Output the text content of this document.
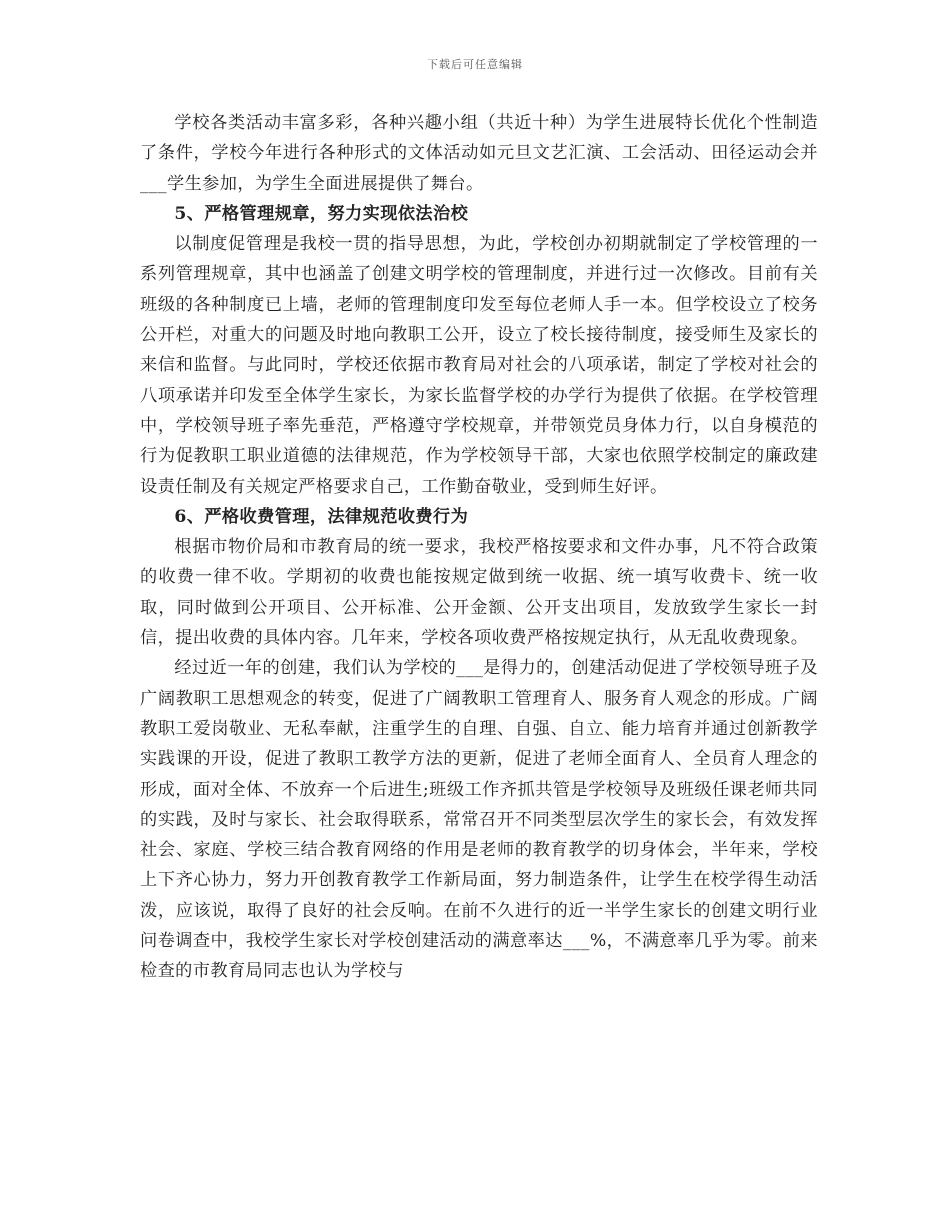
下载后可任意编辑

学校各类活动丰富多彩，各种兴趣小组（共近十种）为学生进展特长优化个性制造了条件，学校今年进行各种形式的文体活动如元旦文艺汇演、工会活动、田径运动会并___学生参加，为学生全面进展提供了舞台。

5、严格管理规章，努力实现依法治校

以制度促管理是我校一贯的指导思想，为此，学校创办初期就制定了学校管理的一系列管理规章，其中也涵盖了创建文明学校的管理制度，并进行过一次修改。目前有关班级的各种制度已上墙，老师的管理制度印发至每位老师人手一本。但学校设立了校务公开栏，对重大的问题及时地向教职工公开，设立了校长接待制度，接受师生及家长的来信和监督。与此同时，学校还依据市教育局对社会的八项承诺，制定了学校对社会的八项承诺并印发至全体学生家长，为家长监督学校的办学行为提供了依据。在学校管理中，学校领导班子率先垂范，严格遵守学校规章，并带领党员身体力行，以自身模范的行为促教职工职业道德的法律规范，作为学校领导干部，大家也依照学校制定的廉政建设责任制及有关规定严格要求自己，工作勤奋敬业，受到师生好评。

6、严格收费管理，法律规范收费行为

根据市物价局和市教育局的统一要求，我校严格按要求和文件办事，凡不符合政策的收费一律不收。学期初的收费也能按规定做到统一收据、统一填写收费卡、统一收取，同时做到公开项目、公开标准、公开金额、公开支出项目，发放致学生家长一封信，提出收费的具体内容。几年来，学校各项收费严格按规定执行，从无乱收费现象。

经过近一年的创建，我们认为学校的___是得力的，创建活动促进了学校领导班子及广阔教职工思想观念的转变，促进了广阔教职工管理育人、服务育人观念的形成。广阔教职工爱岗敬业、无私奉献，注重学生的自理、自强、自立、能力培育并通过创新教学实践课的开设，促进了教职工教学方法的更新，促进了老师全面育人、全员育人理念的形成，面对全体、不放弃一个后进生;班级工作齐抓共管是学校领导及班级任课老师共同的实践，及时与家长、社会取得联系，常常召开不同类型层次学生的家长会，有效发挥社会、家庭、学校三结合教育网络的作用是老师的教育教学的切身体会，半年来，学校上下齐心协力，努力开创教育教学工作新局面，努力制造条件，让学生在校学得生动活泼，应该说，取得了良好的社会反响。在前不久进行的近一半学生家长的创建文明行业问卷调查中，我校学生家长对学校创建活动的满意率达___%，不满意率几乎为零。前来检查的市教育局同志也认为学校与
